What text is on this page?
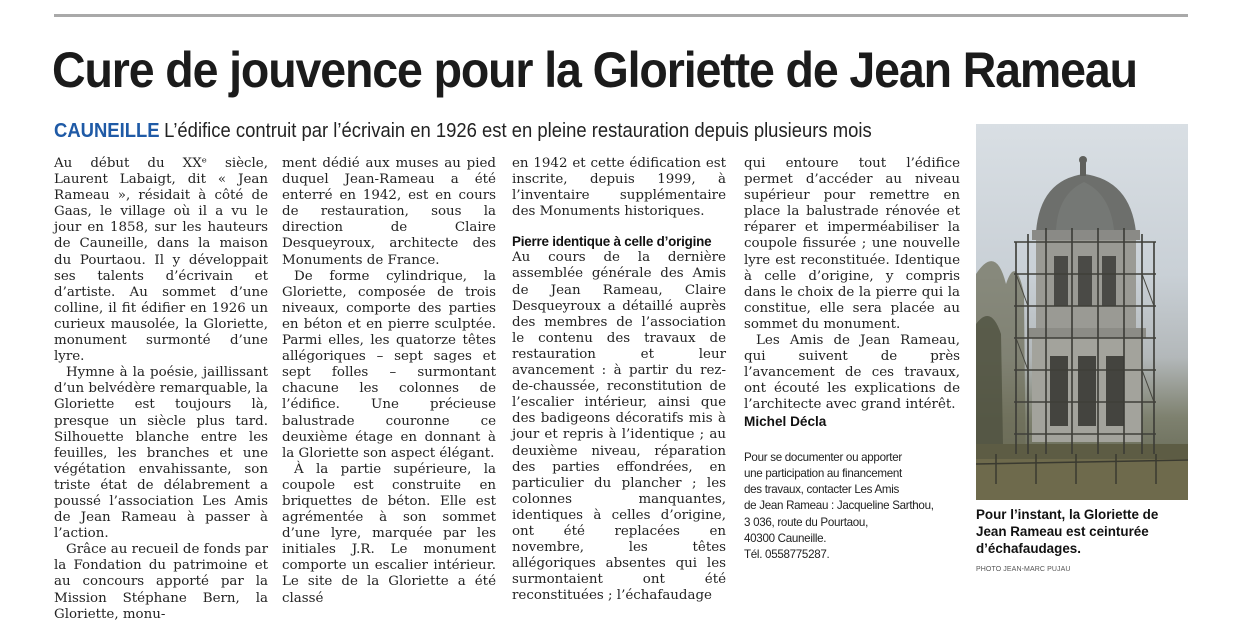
Cure de jouvence pour la Gloriette de Jean Rameau
CAUNEILLE L’édifice contruit par l’écrivain en 1926 est en pleine restauration depuis plusieurs mois

Au début du XXᵉ siècle, Laurent Labaigt, dit « Jean Rameau », résidait à côté de Gaas, le village où il a vu le jour en 1858, sur les hauteurs de Cauneille, dans la maison du Pourtaou. Il y développait ses talents d’écrivain et d’artiste. Au sommet d’une colline, il fit édifier en 1926 un curieux mausolée, la Gloriette, monument surmonté d’une lyre.

Hymne à la poésie, jaillissant d’un belvédère remarquable, la Gloriette est toujours là, presque un siècle plus tard. Silhouette blanche entre les feuilles, les branches et une végétation envahissante, son triste état de délabrement a poussé l’association Les Amis de Jean Rameau à passer à l’action.

Grâce au recueil de fonds par la Fondation du patrimoine et au concours apporté par la Mission Stéphane Bern, la Gloriette, monu-

ment dédié aux muses au pied duquel Jean-Rameau a été enterré en 1942, est en cours de restauration, sous la direction de Claire Desqueyroux, architecte des Monuments de France.

De forme cylindrique, la Gloriette, composée de trois niveaux, comporte des parties en béton et en pierre sculptée. Parmi elles, les quatorze têtes allégoriques – sept sages et sept folles – surmontant chacune les colonnes de l’édifice. Une précieuse balustrade couronne ce deuxième étage en donnant à la Gloriette son aspect élégant.

À la partie supérieure, la coupole est construite en briquettes de béton. Elle est agrémentée à son sommet d’une lyre, marquée par les initiales J.R. Le monument comporte un escalier intérieur. Le site de la Gloriette a été classé

en 1942 et cette édification est inscrite, depuis 1999, à l’inventaire supplémentaire des Monuments historiques.

Pierre identique à celle d’origine

Au cours de la dernière assemblée générale des Amis de Jean Rameau, Claire Desqueyroux a détaillé auprès des membres de l’association le contenu des travaux de restauration et leur avancement : à partir du rez-de-chaussée, reconstitution de l’escalier intérieur, ainsi que des badigeons décoratifs mis à jour et repris à l’identique ; au deuxième niveau, réparation des parties effondrées, en particulier du plancher ; les colonnes manquantes, identiques à celles d’origine, ont été replacées en novembre, les têtes allégoriques absentes qui les surmontaient ont été reconstituées ; l’échafaudage

qui entoure tout l’édifice permet d’accéder au niveau supérieur pour remettre en place la balustrade rénovée et réparer et imperméabiliser la coupole fissurée ; une nouvelle lyre est reconstituée. Identique à celle d’origine, y compris dans le choix de la pierre qui la constitue, elle sera placée au sommet du monument.

Les Amis de Jean Rameau, qui suivent de près l’avancement de ces travaux, ont écouté les explications de l’architecte avec grand intérêt.

Michel Décla
Pour se documenter ou apporter
une participation au financement
des travaux, contacter Les Amis
de Jean Rameau : Jacqueline Sarthou,
3 036, route du Pourtaou,
40300 Cauneille.
Tél. 0558775287.
Pour l’instant, la Gloriette de Jean Rameau est ceinturée d’échafaudages.
PHOTO JEAN-MARC PUJAU
